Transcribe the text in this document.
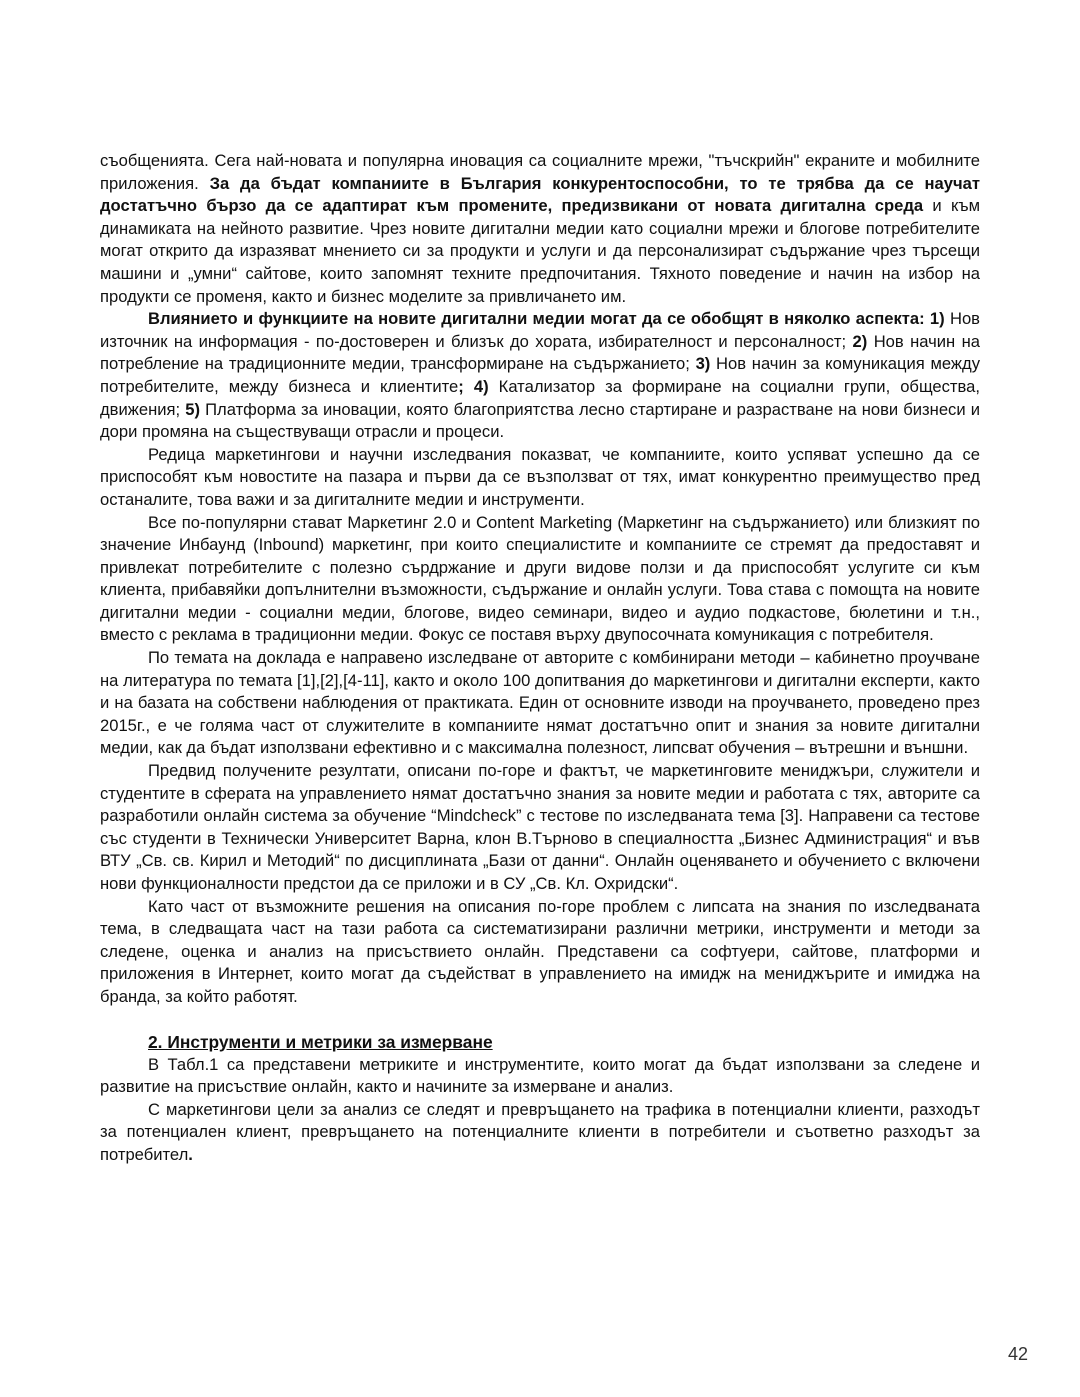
съобщенията. Сега най-новата и популярна иновация са социалните мрежи, "тъчскрийн" екраните и мобилните приложения. За да бъдат компаниите в България конкурентоспособни, то те трябва да се научат достатъчно бързо да се адаптират към промените, предизвикани от новата дигитална среда и към динамиката на нейното развитие. Чрез новите дигитални медии като социални мрежи и блогове потребителите могат открито да изразяват мнението си за продукти и услуги и да персонализират съдържание чрез търсещи машини и „умни“ сайтове, които запомнят техните предпочитания. Тяхното поведение и начин на избор на продукти се променя, както и бизнес моделите за привличането им.

Влиянието и функциите на новите дигитални медии могат да се обобщят в няколко аспекта: 1) Нов източник на информация - по-достоверен и близък до хората, избирателност и персоналност; 2) Нов начин на потребление на традиционните медии, трансформиране на съдържанието; 3) Нов начин за комуникация между потребителите, между бизнеса и клиентите; 4) Катализатор за формиране на социални групи, общества, движения; 5) Платформа за иновации, която благоприятства лесно стартиране и разрастване на нови бизнеси и дори промяна на съществуващи отрасли и процеси.

Редица маркетингови и научни изследвания показват, че компаниите, които успяват успешно да се приспособят към новостите на пазара и първи да се възползват от тях, имат конкурентно преимущество пред останалите, това важи и за дигиталните медии и инструменти.

Все по-популярни стават Маркетинг 2.0 и Content Marketing (Маркетинг на съдържанието) или близкият по значение Инбаунд (Inbound) маркетинг, при които специалистите и компаниите се стремят да предоставят и привлекат потребителите с полезно сърдржание и други видове ползи и да приспособят услугите си към клиента, прибавяйки допълнителни възможности, съдържание и онлайн услуги. Това става с помощта на новите дигитални медии - социални медии, блогове, видео семинари, видео и аудио подкастове, бюлетини и т.н., вместо с реклама в традиционни медии. Фокус се поставя върху двупосочната комуникация с потребителя.

По темата на доклада е направено изследване от авторите с комбинирани методи – кабинетно проучване на литература по темата [1],[2],[4-11], както и около 100 допитвания до маркетингови и дигитални експерти, както и на базата на собствени наблюдения от практиката. Един от основните изводи на проучването, проведено през 2015г., е че голяма част от служителите в компаниите нямат достатъчно опит и знания за новите дигитални медии, как да бъдат използвани ефективно и с максимална полезност, липсват обучения – вътрешни и външни.

Предвид получените резултати, описани по-горе и фактът, че маркетинговите мениджъри, служители и студентите в сферата на управлението нямат достатъчно знания за новите медии и работата с тях, авторите са разработили онлайн система за обучение “Mindcheck” с тестове по изследваната тема [3]. Направени са тестове със студенти в Технически Университет Варна, клон В.Търново в специалността „Бизнес Администрация“ и във ВТУ „Св. св. Кирил и Методий“ по дисциплината „Бази от данни“. Онлайн оценяването и обучението с включени нови функционалности предстои да се приложи и в СУ „Св. Кл. Охридски“.

Като част от възможните решения на описания по-горе проблем с липсата на знания по изследваната тема, в следващата част на тази работа са систематизирани различни метрики, инструменти и методи за следене, оценка и анализ на присъствието онлайн. Представени са софтуери, сайтове, платформи и приложения в Интернет, които могат да съдействат в управлението на имидж на мениджърите и имиджа на бранда, за който работят.

2. Инструменти и метрики за измерване

В Табл.1 са представени метриките и инструментите, които могат да бъдат използвани за следене и развитие на присъствие онлайн, както и начините за измерване и анализ.

С маркетингови цели за анализ се следят и превръщането на трафика в потенциални клиенти, разходът за потенциален клиент, превръщането на потенциалните клиенти в потребители и съответно разходът за потребител.

42
